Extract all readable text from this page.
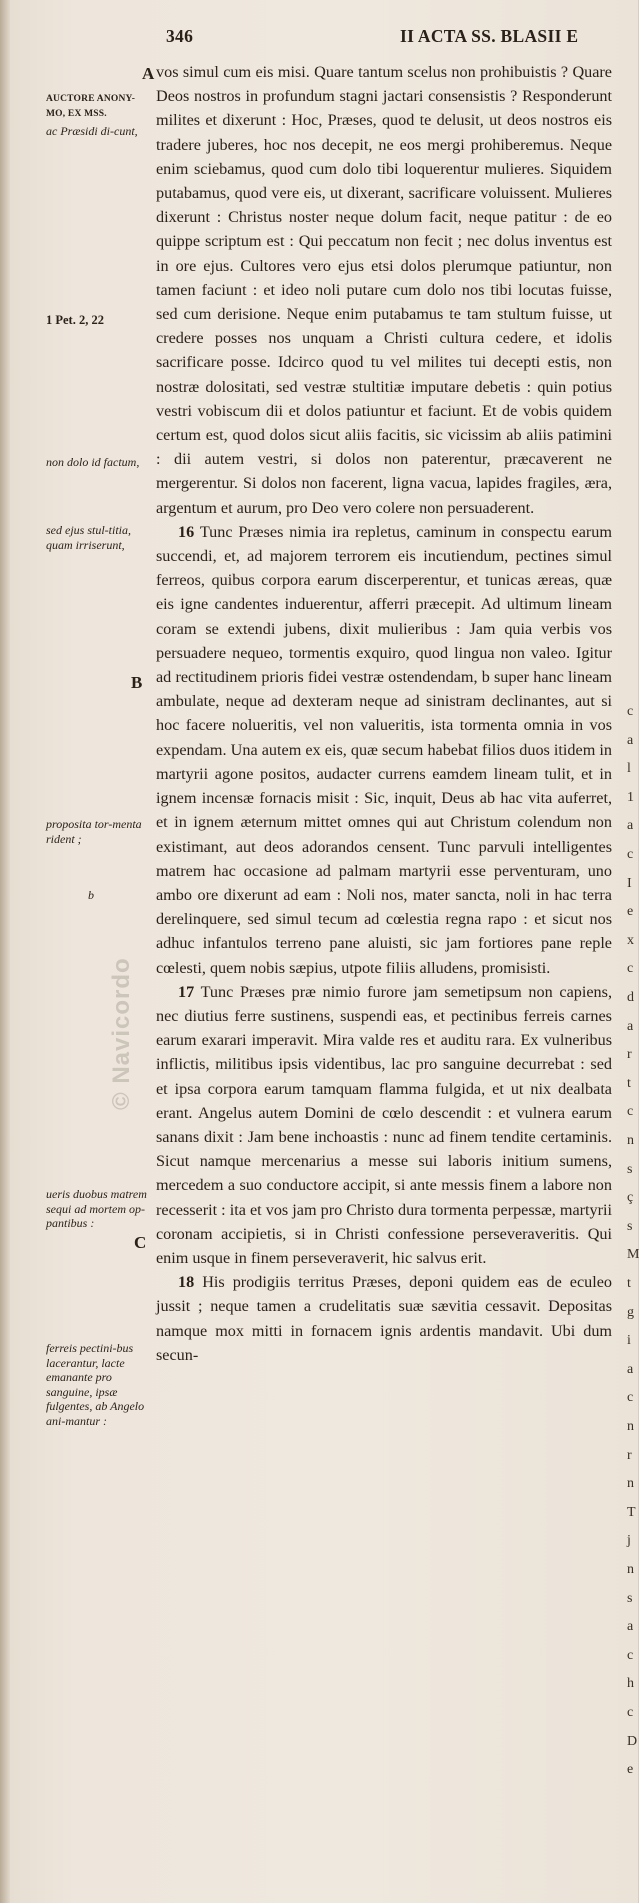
346	II ACTA SS. BLASII E
A
B
C
AUCTORE ANONY-MO, EX MSS.
ac Præsidi di-cunt,
1 Pet. 2, 22
non dolo id factum,
sed ejus stul-titia, quam irriserunt,
proposita tor-menta rident ;
b
ueris duobus matrem sequi ad mortem op-pantibus :
ferreis pectini-bus lacerantur, lacte emanante pro sanguine, ipsæ fulgentes, ab Angelo ani-mantur :

vos simul cum eis misi. Quare tantum scelus non prohibuistis ? Quare Deos nostros in profundum stagni jactari consensistis ? Responderunt milites et dixerunt : Hoc, Præses, quod te delusit, ut deos nostros eis tradere juberes, hoc nos decepit, ne eos mergi prohiberemus. Neque enim sciebamus, quod cum dolo tibi loquerentur mulieres. Siquidem putabamus, quod vere eis, ut dixerant, sacrificare voluissent. Mulieres dixerunt : Christus noster neque dolum facit, neque patitur : de eo quippe scriptum est : Qui peccatum non fecit ; nec dolus inventus est in ore ejus. Cultores vero ejus etsi dolos plerumque patiuntur, non tamen faciunt : et ideo noli putare cum dolo nos tibi locutas fuisse, sed cum derisione. Neque enim putabamus te tam stultum fuisse, ut credere posses nos unquam a Christi cultura cedere, et idolis sacrificare posse. Idcirco quod tu vel milites tui decepti estis, non nostræ dolositati, sed vestræ stultitiæ imputare debetis : quin potius vestri vobiscum dii et dolos patiuntur et faciunt. Et de vobis quidem certum est, quod dolos sicut aliis facitis, sic vicissim ab aliis patimini : dii autem vestri, si dolos non paterentur, præcaverent ne mergerentur. Si dolos non facerent, ligna vacua, lapides fragiles, æra, argentum et aurum, pro Deo vero colere non persuaderent.

16 Tunc Præses nimia ira repletus, caminum in conspectu earum succendi, et, ad majorem terrorem eis incutiendum, pectines simul ferreos, quibus corpora earum discerperentur, et tunicas æreas, quæ eis igne candentes induerentur, afferri præcepit. Ad ultimum lineam coram se extendi jubens, dixit mulieribus : Jam quia verbis vos persuadere nequeo, tormentis exquiro, quod lingua non valeo. Igitur ad rectitudinem prioris fidei vestræ ostendendam, b super hanc lineam ambulate, neque ad dexteram neque ad sinistram declinantes, aut si hoc facere nolueritis, vel non valueritis, ista tormenta omnia in vos expendam. Una autem ex eis, quæ secum habebat filios duos itidem in martyrii agone positos, audacter currens eamdem lineam tulit, et in ignem incensæ fornacis misit : Sic, inquit, Deus ab hac vita auferret, et in ignem æternum mittet omnes qui aut Christum colendum non existimant, aut deos adorandos censent. Tunc parvuli intelligentes matrem hac occasione ad palmam martyrii esse perventuram, uno ambo ore dixerunt ad eam : Noli nos, mater sancta, noli in hac terra derelinquere, sed simul tecum ad cœlestia regna rapo : et sicut nos adhuc infantulos terreno pane aluisti, sic jam fortiores pane reple cœlesti, quem nobis sæpius, utpote filiis alludens, promisisti.

17 Tunc Præses præ nimio furore jam semetipsum non capiens, nec diutius ferre sustinens, suspendi eas, et pectinibus ferreis carnes earum exarari imperavit. Mira valde res et auditu rara. Ex vulneribus inflictis, militibus ipsis videntibus, lac pro sanguine decurrebat : sed et ipsa corpora earum tamquam flamma fulgida, et ut nix dealbata erant. Angelus autem Domini de cœlo descendit : et vulnera earum sanans dixit : Jam bene inchoastis : nunc ad finem tendite certaminis. Sicut namque mercenarius a messe sui laboris initium sumens, mercedem a suo conductore accipit, si ante messis finem a labore non recesserit : ita et vos jam pro Christo dura tormenta perpessæ, martyrii coronam accipietis, si in Christi confessione perseveraveritis. Qui enim usque in finem perseveraverit, hic salvus erit.

18 His prodigiis territus Præses, deponi quidem eas de eculeo jussit ; neque tamen a crudelitatis suæ sævitia cessavit. Depositas namque mox mitti in fornacem ignis ardentis mandavit. Ubi dum secun-

c
a
l
1
a
c
I
e
x
c
d
a
r
t
c
n
s
ç
s
M
t
g
i
a
c
n
r
n
T
j
n
s
a
c
h
c
D
e
© Navicordo
